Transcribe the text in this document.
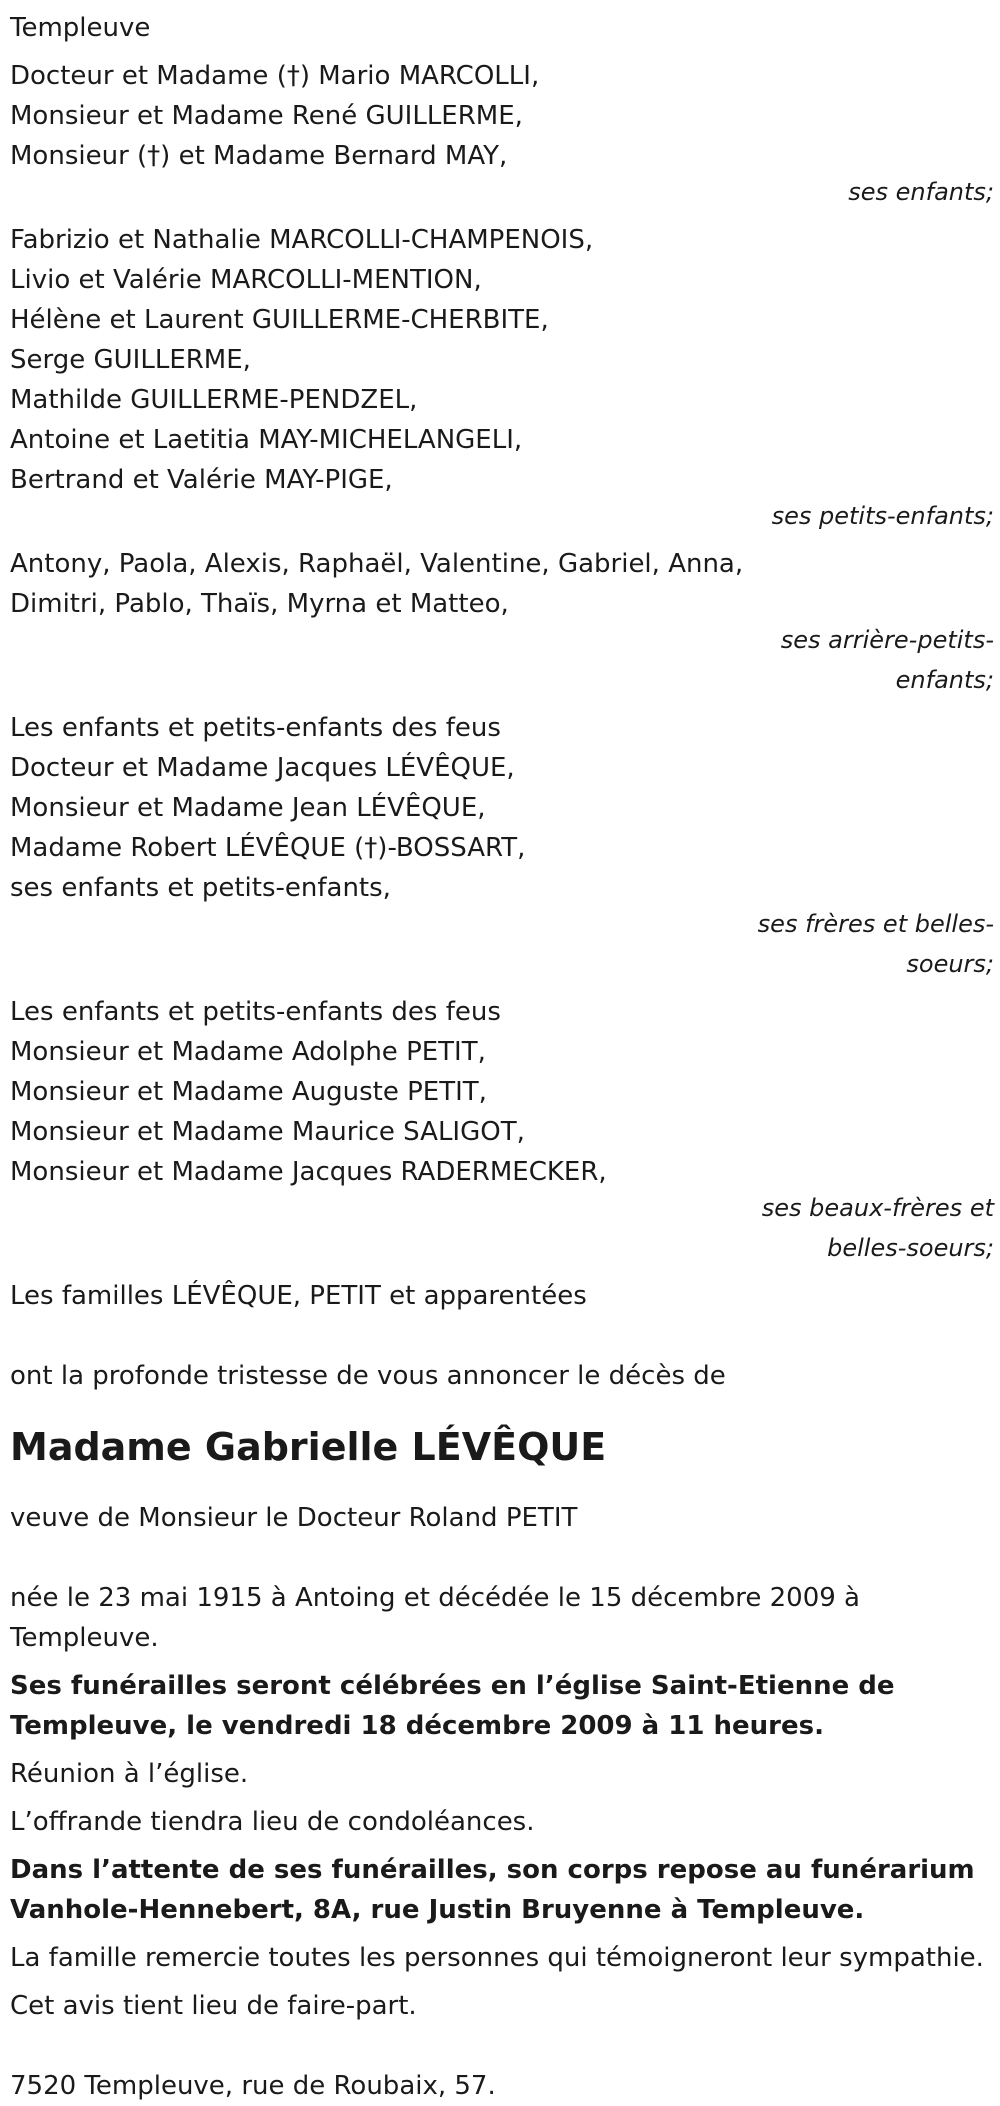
Templeuve
Docteur et Madame (†) Mario MARCOLLI,
Monsieur et Madame René GUILLERME,
Monsieur (†) et Madame Bernard MAY,
ses enfants;
Fabrizio et Nathalie MARCOLLI-CHAMPENOIS,
Livio et Valérie MARCOLLI-MENTION,
Hélène et Laurent GUILLERME-CHERBITE,
Serge GUILLERME,
Mathilde GUILLERME-PENDZEL,
Antoine et Laetitia MAY-MICHELANGELI,
Bertrand et Valérie MAY-PIGE,
ses petits-enfants;
Antony, Paola, Alexis, Raphaël, Valentine, Gabriel, Anna,
Dimitri, Pablo, Thaïs, Myrna et Matteo,
ses arrière-petits-
enfants;
Les enfants et petits-enfants des feus
Docteur et Madame Jacques LÉVÊQUE,
Monsieur et Madame Jean LÉVÊQUE,
Madame Robert LÉVÊQUE (†)-BOSSART,
ses enfants et petits-enfants,
ses frères et belles-
soeurs;
Les enfants et petits-enfants des feus
Monsieur et Madame Adolphe PETIT,
Monsieur et Madame Auguste PETIT,
Monsieur et Madame Maurice SALIGOT,
Monsieur et Madame Jacques RADERMECKER,
ses beaux-frères et
belles-soeurs;
Les familles LÉVÊQUE, PETIT et apparentées
ont la profonde tristesse de vous annoncer le décès de
Madame Gabrielle LÉVÊQUE
veuve de Monsieur le Docteur Roland PETIT
née le 23 mai 1915 à Antoing et décédée le 15 décembre 2009 à Templeuve.
Ses funérailles seront célébrées en l’église Saint-Etienne de Templeuve, le vendredi 18 décembre 2009 à 11 heures.
Réunion à l’église.
L’offrande tiendra lieu de condoléances.
Dans l’attente de ses funérailles, son corps repose au funérarium Vanhole-Hennebert, 8A, rue Justin Bruyenne à Templeuve.
La famille remercie toutes les personnes qui témoigneront leur sympathie.
Cet avis tient lieu de faire-part.
7520 Templeuve, rue de Roubaix, 57.
